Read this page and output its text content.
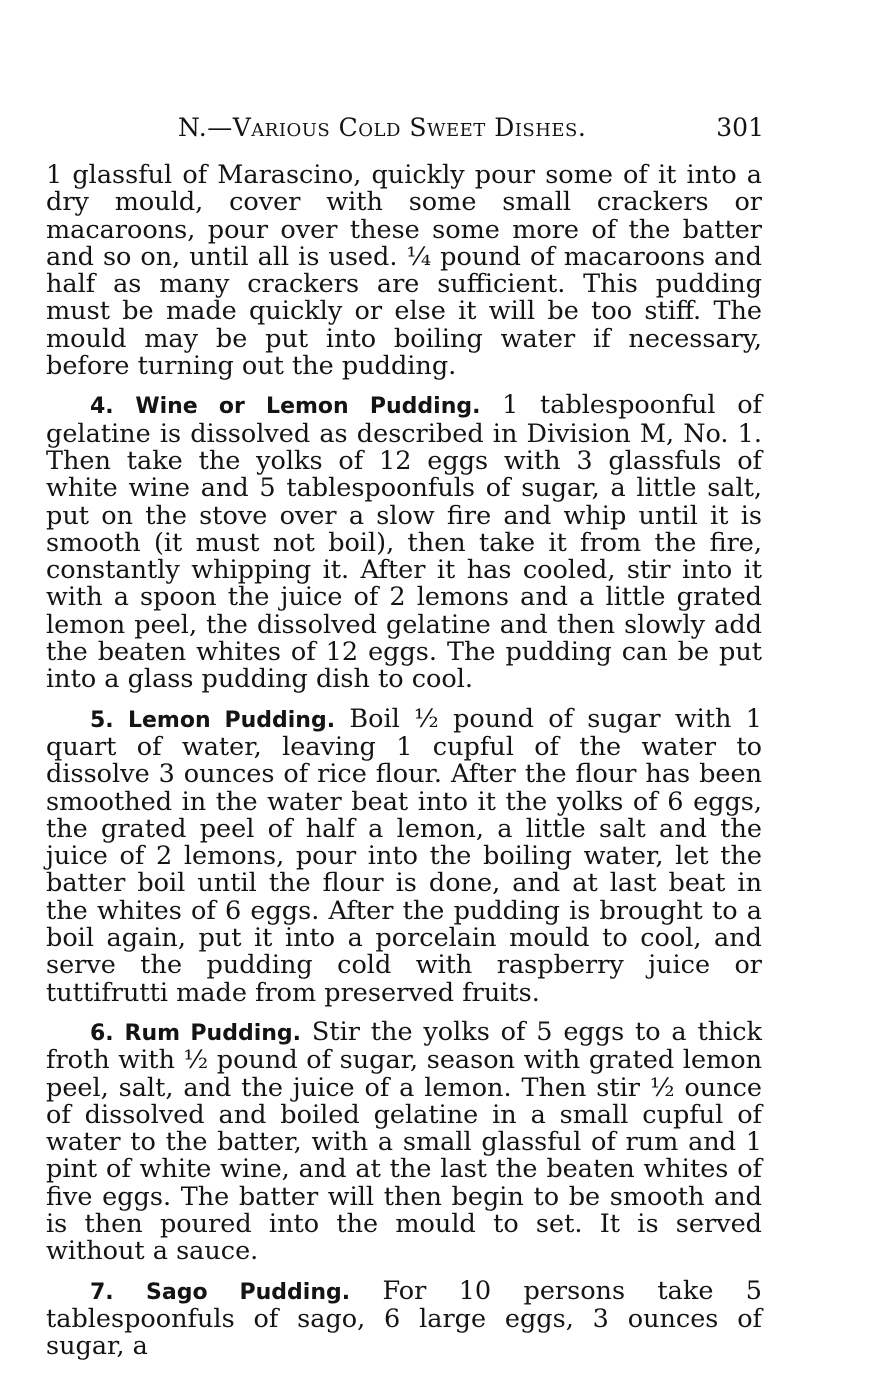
N.—Various Cold Sweet Dishes.	301

1 glassful of Marascino, quickly pour some of it into a dry mould, cover with some small crackers or macaroons, pour over these some more of the batter and so on, until all is used. ¼ pound of macaroons and half as many crackers are sufficient. This pudding must be made quickly or else it will be too stiff. The mould may be put into boiling water if necessary, before turning out the pudding.

4. Wine or Lemon Pudding. 1 tablespoonful of gelatine is dissolved as described in Division M, No. 1. Then take the yolks of 12 eggs with 3 glassfuls of white wine and 5 tablespoonfuls of sugar, a little salt, put on the stove over a slow fire and whip until it is smooth (it must not boil), then take it from the fire, constantly whipping it. After it has cooled, stir into it with a spoon the juice of 2 lemons and a little grated lemon peel, the dissolved gelatine and then slowly add the beaten whites of 12 eggs. The pudding can be put into a glass pudding dish to cool.

5. Lemon Pudding. Boil ½ pound of sugar with 1 quart of water, leaving 1 cupful of the water to dissolve 3 ounces of rice flour. After the flour has been smoothed in the water beat into it the yolks of 6 eggs, the grated peel of half a lemon, a little salt and the juice of 2 lemons, pour into the boiling water, let the batter boil until the flour is done, and at last beat in the whites of 6 eggs. After the pudding is brought to a boil again, put it into a porcelain mould to cool, and serve the pudding cold with raspberry juice or tuttifrutti made from preserved fruits.

6. Rum Pudding. Stir the yolks of 5 eggs to a thick froth with ½ pound of sugar, season with grated lemon peel, salt, and the juice of a lemon. Then stir ½ ounce of dissolved and boiled gelatine in a small cupful of water to the batter, with a small glassful of rum and 1 pint of white wine, and at the last the beaten whites of five eggs. The batter will then begin to be smooth and is then poured into the mould to set. It is served without a sauce.

7. Sago Pudding. For 10 persons take 5 tablespoonfuls of sago, 6 large eggs, 3 ounces of sugar, a
